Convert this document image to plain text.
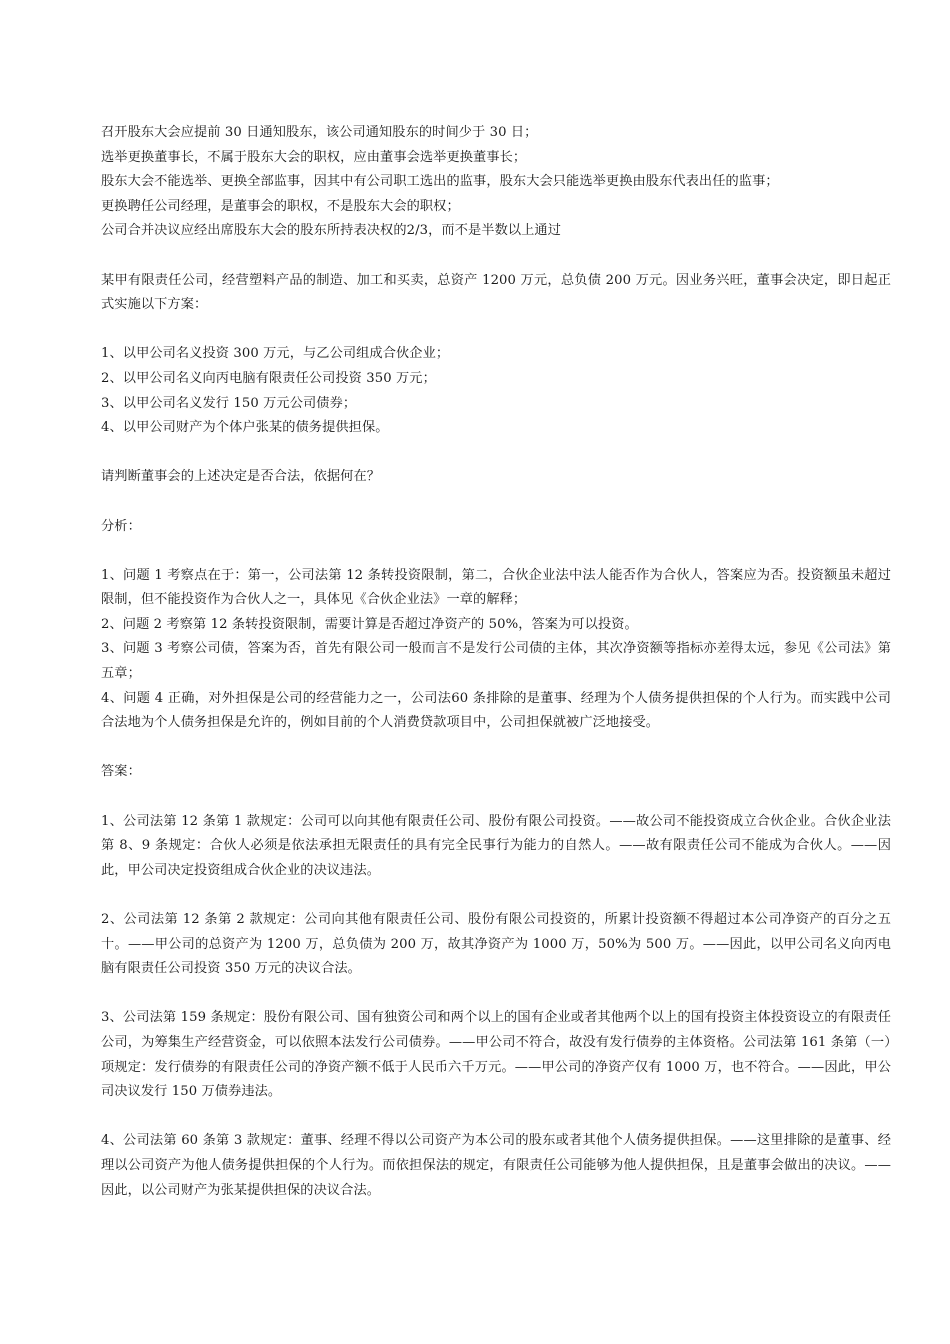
召开股东大会应提前 30 日通知股东，该公司通知股东的时间少于 30 日；
选举更换董事长，不属于股东大会的职权，应由董事会选举更换董事长；
股东大会不能选举、更换全部监事，因其中有公司职工选出的监事，股东大会只能选举更换由股东代表出任的监事；
更换聘任公司经理，是董事会的职权，不是股东大会的职权；
公司合并决议应经出席股东大会的股东所持表决权的2/3，而不是半数以上通过
某甲有限责任公司，经营塑料产品的制造、加工和买卖，总资产 1200 万元，总负债 200 万元。因业务兴旺，董事会决定，即日起正式实施以下方案：
1、以甲公司名义投资 300 万元，与乙公司组成合伙企业；
2、以甲公司名义向丙电脑有限责任公司投资 350 万元；
3、以甲公司名义发行 150 万元公司债券；
4、以甲公司财产为个体户张某的债务提供担保。
请判断董事会的上述决定是否合法，依据何在？
分析：
1、问题 1 考察点在于：第一，公司法第 12 条转投资限制，第二，合伙企业法中法人能否作为合伙人，答案应为否。投资额虽未超过限制，但不能投资作为合伙人之一，具体见《合伙企业法》一章的解释；
2、问题 2 考察第 12 条转投资限制，需要计算是否超过净资产的 50%，答案为可以投资。
3、问题 3 考察公司债，答案为否，首先有限公司一般而言不是发行公司债的主体，其次净资额等指标亦差得太远，参见《公司法》第五章；
4、问题 4 正确，对外担保是公司的经营能力之一，公司法60 条排除的是董事、经理为个人债务提供担保的个人行为。而实践中公司合法地为个人债务担保是允许的，例如目前的个人消费贷款项目中，公司担保就被广泛地接受。
答案：
1、公司法第 12 条第 1 款规定：公司可以向其他有限责任公司、股份有限公司投资。——故公司不能投资成立合伙企业。合伙企业法第 8、9 条规定：合伙人必须是依法承担无限责任的具有完全民事行为能力的自然人。——故有限责任公司不能成为合伙人。——因此，甲公司决定投资组成合伙企业的决议违法。
2、公司法第 12 条第 2 款规定：公司向其他有限责任公司、股份有限公司投资的，所累计投资额不得超过本公司净资产的百分之五十。——甲公司的总资产为 1200 万，总负债为 200 万，故其净资产为 1000 万，50%为 500 万。——因此，以甲公司名义向丙电脑有限责任公司投资 350 万元的决议合法。
3、公司法第 159 条规定：股份有限公司、国有独资公司和两个以上的国有企业或者其他两个以上的国有投资主体投资设立的有限责任公司，为筹集生产经营资金，可以依照本法发行公司债券。——甲公司不符合，故没有发行债券的主体资格。公司法第 161 条第（一）项规定：发行债券的有限责任公司的净资产额不低于人民币六千万元。——甲公司的净资产仅有 1000 万，也不符合。——因此，甲公司决议发行 150 万债券违法。
4、公司法第 60 条第 3 款规定：董事、经理不得以公司资产为本公司的股东或者其他个人债务提供担保。——这里排除的是董事、经理以公司资产为他人债务提供担保的个人行为。而依担保法的规定，有限责任公司能够为他人提供担保，且是董事会做出的决议。——因此，以公司财产为张某提供担保的决议合法。
